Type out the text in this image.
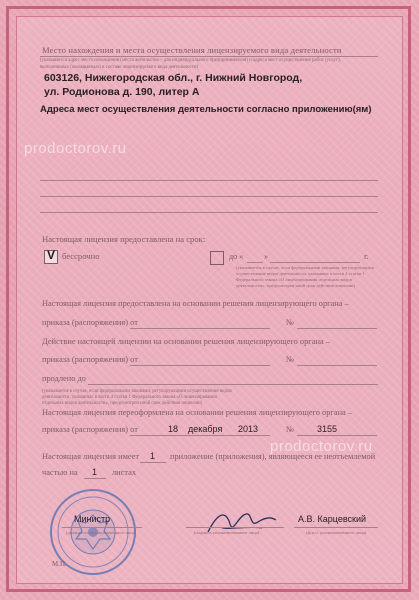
Место нахождения и места осуществления лицензируемого вида деятельности
(указывается адрес места нахождения (места жительства – для индивидуального предпринимателя) и адреса мест осуществления работ (услуг),
выполняемых (оказываемых) в составе лицензируемого вида деятельности)
603126, Нижегородская обл., г. Нижний Новгород,
ул. Родионова д. 190, литер А
Адреса мест осуществления деятельности согласно приложению(ям)
prodoctorov.ru
Настоящая лицензия предоставлена на срок:
V бессрочно	до «	»	г.
(указывается в случае, если федеральными законами, регулирующими
осуществление видов деятельности, указанных в части 4 статьи 1
Федерального закона «О лицензировании отдельных видов
деятельности», предусмотрен иной срок действия лицензии)
Настоящая лицензия предоставлена на основании решения лицензирующего органа –
приказа (распоряжения) от	№
Действие настоящей лицензии на основании решения лицензирующего органа –
приказа (распоряжения) от	№
продлено до
(указывается в случае, если федеральными законами, регулирующими осуществление видов
деятельности, указанных в части 4 статьи 1 Федерального закона «О лицензировании
отдельных видов деятельности», предусмотрен иной срок действия лицензии)
Настоящая лицензия переоформлена на основании решения лицензирующего органа –
приказа (распоряжения) от	18 декабря 2013	№	3155
prodoctorov.ru
Настоящая лицензия имеет 1 приложение (приложения), являющееся ее неотъемлемой
частью на 1 листах
Министр
(должность уполномоченного лица)	(подпись уполномоченного лица)
А.В. Карцевский
(ф.и.о. уполномоченного лица)
М.П.
